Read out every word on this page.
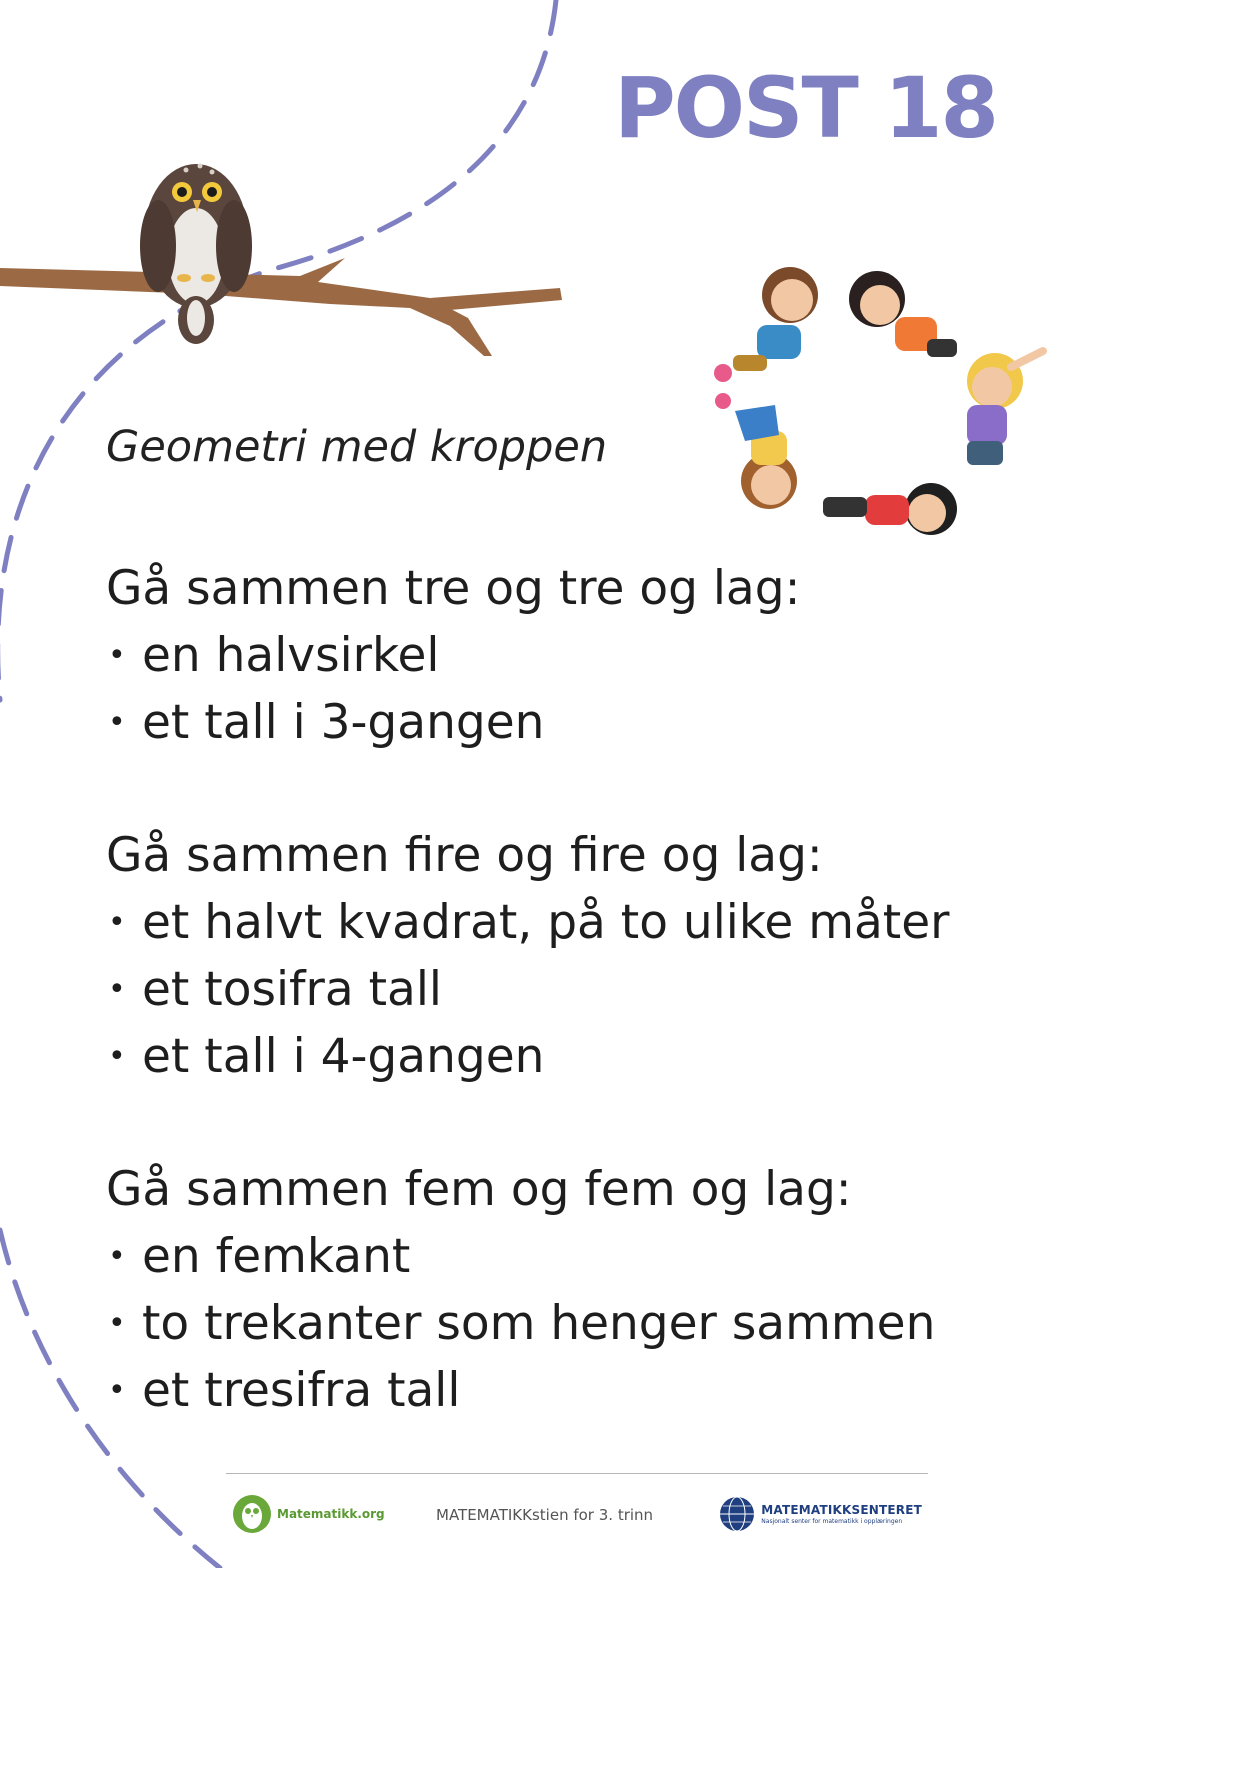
POST 18
Geometri med kroppen
Gå sammen tre og tre og lag:
• en halvsirkel
• et tall i 3-gangen
Gå sammen fire og fire og lag:
• et halvt kvadrat, på to ulike måter
• et tosifra tall
• et tall i 4-gangen
Gå sammen fem og fem og lag:
• en femkant
• to trekanter som henger sammen
• et tresifra tall
Matematikk.org	MATEMATIKKstien for 3. trinn	MATEMATIKKSENTERET
Nasjonalt senter for matematikk i opplæringen
